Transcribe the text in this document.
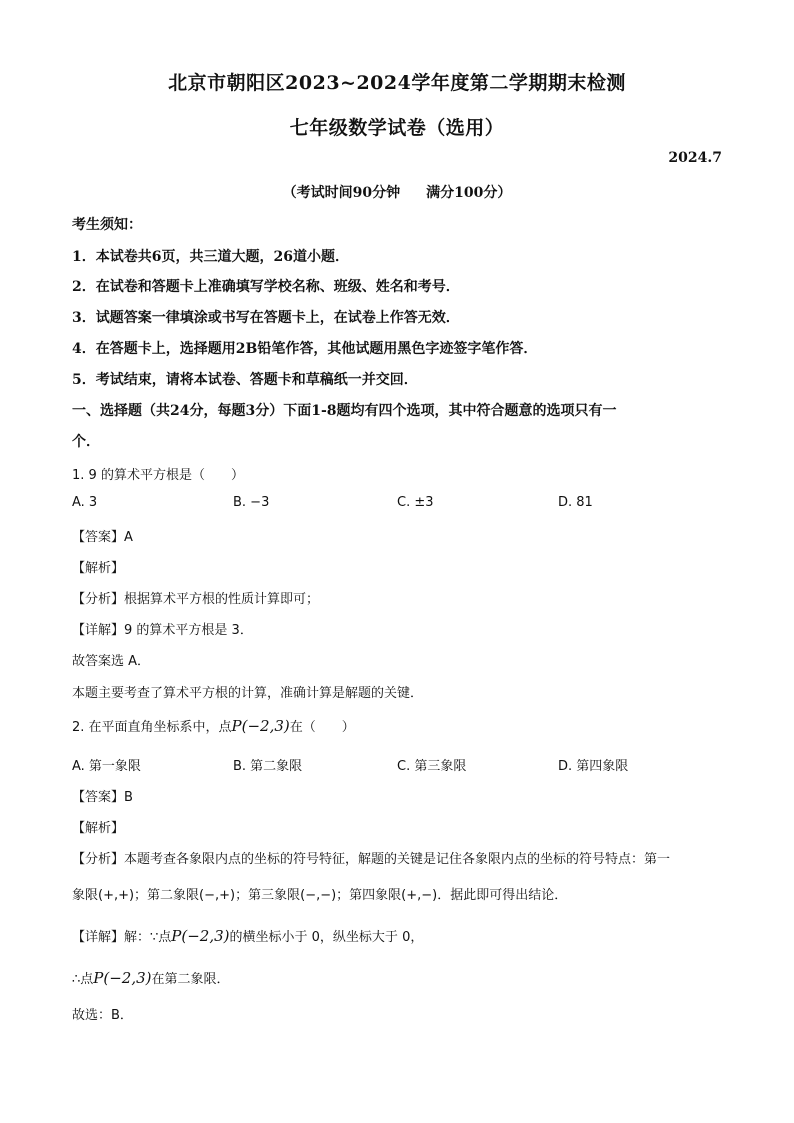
北京市朝阳区2023~2024学年度第二学期期末检测
七年级数学试卷（选用）
2024.7
（考试时间90分钟 满分100分）
考生须知：
1．本试卷共6页，共三道大题，26道小题．
2．在试卷和答题卡上准确填写学校名称、班级、姓名和考号．
3．试题答案一律填涂或书写在答题卡上，在试卷上作答无效．
4．在答题卡上，选择题用2B铅笔作答，其他试题用黑色字迹签字笔作答．
5．考试结束，请将本试卷、答题卡和草稿纸一并交回．
一、选择题（共24分，每题3分）下面1-8题均有四个选项，其中符合题意的选项只有一
个．
1. 9 的算术平方根是（　　）
A. 3	B. −3	C. ±3	D. 81
【答案】A
【解析】
【分析】根据算术平方根的性质计算即可；
【详解】9 的算术平方根是 3．
故答案选 A．
本题主要考查了算术平方根的计算，准确计算是解题的关键．
2. 在平面直角坐标系中，点P(−2,3)在（　　）
A. 第一象限	B. 第二象限	C. 第三象限	D. 第四象限
【答案】B
【解析】
【分析】本题考查各象限内点的坐标的符号特征，解题的关键是记住各象限内点的坐标的符号特点：第一
象限(+,+)；第二象限(−,+)；第三象限(−,−)；第四象限(+,−)．据此即可得出结论．
【详解】解：∵点P(−2,3)的横坐标小于 0，纵坐标大于 0，
∴点P(−2,3)在第二象限．
故选：B．
